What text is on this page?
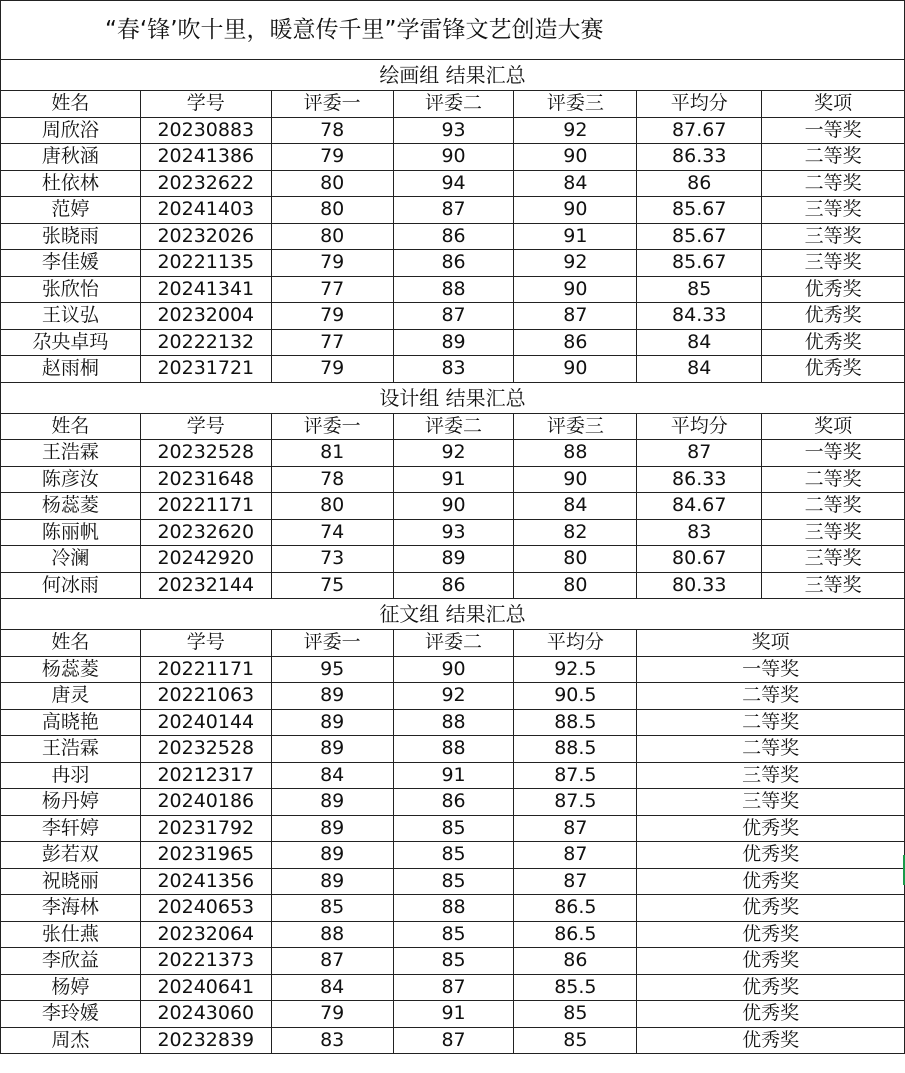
“春‘锋’吹十里，暖意传千里”学雷锋文艺创造大赛						
绘画组 结果汇总						
姓名	学号	评委一	评委二	评委三	平均分	奖项
周欣浴	20230883	78	93	92	87.67	一等奖
唐秋涵	20241386	79	90	90	86.33	二等奖
杜依林	20232622	80	94	84	86	二等奖
范婷	20241403	80	87	90	85.67	三等奖
张晓雨	20232026	80	86	91	85.67	三等奖
李佳媛	20221135	79	86	92	85.67	三等奖
张欣怡	20241341	77	88	90	85	优秀奖
王议弘	20232004	79	87	87	84.33	优秀奖
尕央卓玛	20222132	77	89	86	84	优秀奖
赵雨桐	20231721	79	83	90	84	优秀奖
设计组 结果汇总						
姓名	学号	评委一	评委二	评委三	平均分	奖项
王浩霖	20232528	81	92	88	87	一等奖
陈彦汝	20231648	78	91	90	86.33	二等奖
杨蕊菱	20221171	80	90	84	84.67	二等奖
陈丽帆	20232620	74	93	82	83	三等奖
冷澜	20242920	73	89	80	80.67	三等奖
何冰雨	20232144	75	86	80	80.33	三等奖
征文组 结果汇总						
姓名	学号	评委一	评委二	平均分	奖项	
杨蕊菱	20221171	95	90	92.5	一等奖	
唐灵	20221063	89	92	90.5	二等奖	
高晓艳	20240144	89	88	88.5	二等奖	
王浩霖	20232528	89	88	88.5	二等奖	
冉羽	20212317	84	91	87.5	三等奖	
杨丹婷	20240186	89	86	87.5	三等奖	
李轩婷	20231792	89	85	87	优秀奖	
彭若双	20231965	89	85	87	优秀奖	
祝晓丽	20241356	89	85	87	优秀奖	
李海林	20240653	85	88	86.5	优秀奖	
张仕燕	20232064	88	85	86.5	优秀奖	
李欣益	20221373	87	85	86	优秀奖	
杨婷	20240641	84	87	85.5	优秀奖	
李玲媛	20243060	79	91	85	优秀奖	
周杰	20232839	83	87	85	优秀奖	
